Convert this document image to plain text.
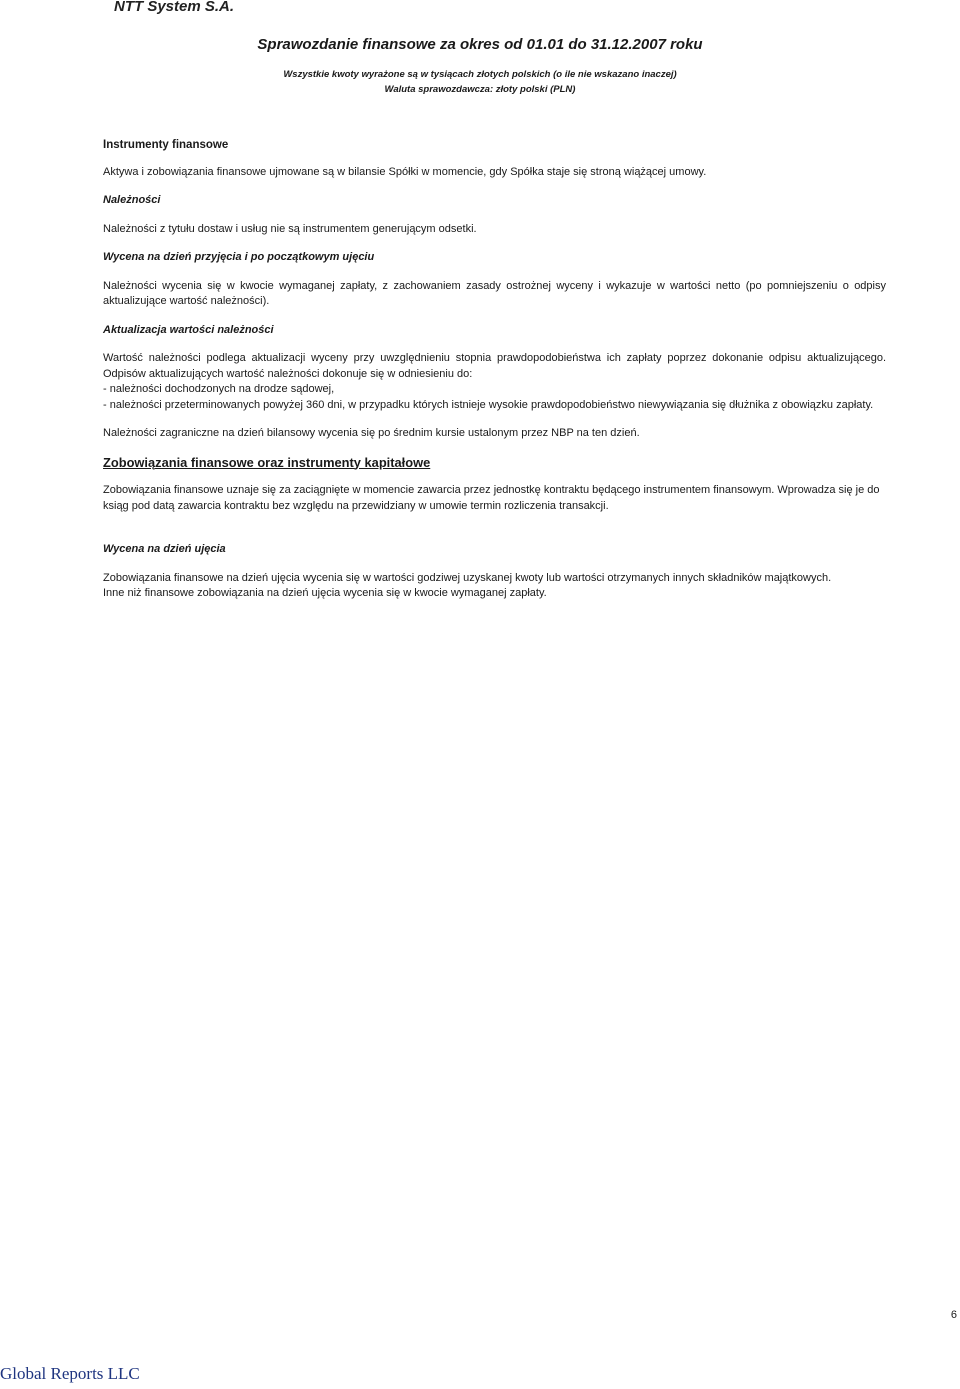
NTT System S.A.

Sprawozdanie finansowe za okres od 01.01 do 31.12.2007 roku

Wszystkie kwoty wyrażone są w tysiącach złotych polskich (o ile nie wskazano inaczej)

Waluta sprawozdawcza: złoty polski (PLN)

Instrumenty finansowe

Aktywa i zobowiązania finansowe ujmowane są w bilansie Spółki w momencie, gdy Spółka staje się stroną wiążącej umowy.

Należności

Należności z tytułu dostaw i usług nie są instrumentem generującym odsetki.

Wycena na dzień przyjęcia i po początkowym ujęciu

Należności wycenia się w kwocie wymaganej zapłaty, z zachowaniem zasady ostrożnej wyceny i wykazuje w wartości netto (po pomniejszeniu o odpisy aktualizujące wartość należności).

Aktualizacja wartości należności

Wartość należności podlega aktualizacji wyceny przy uwzględnieniu stopnia prawdopodobieństwa ich zapłaty poprzez dokonanie odpisu aktualizującego. Odpisów aktualizujących wartość należności dokonuje się w odniesieniu do:

- należności dochodzonych na drodze sądowej,

- należności przeterminowanych powyżej 360 dni, w przypadku których istnieje wysokie prawdopodobieństwo niewywiązania się dłużnika z obowiązku zapłaty.

Należności zagraniczne na dzień bilansowy wycenia się po średnim kursie ustalonym przez NBP na ten dzień.

Zobowiązania finansowe oraz instrumenty kapitałowe

Zobowiązania finansowe uznaje się za zaciągnięte w momencie zawarcia przez jednostkę kontraktu będącego instrumentem finansowym. Wprowadza się je do ksiąg pod datą zawarcia kontraktu bez względu na przewidziany w umowie termin rozliczenia transakcji.

Wycena na dzień ujęcia

Zobowiązania finansowe na dzień ujęcia wycenia się w wartości godziwej uzyskanej kwoty lub wartości otrzymanych innych składników majątkowych.

Inne niż finansowe zobowiązania na dzień ujęcia wycenia się w kwocie wymaganej zapłaty.

6

Global Reports LLC
